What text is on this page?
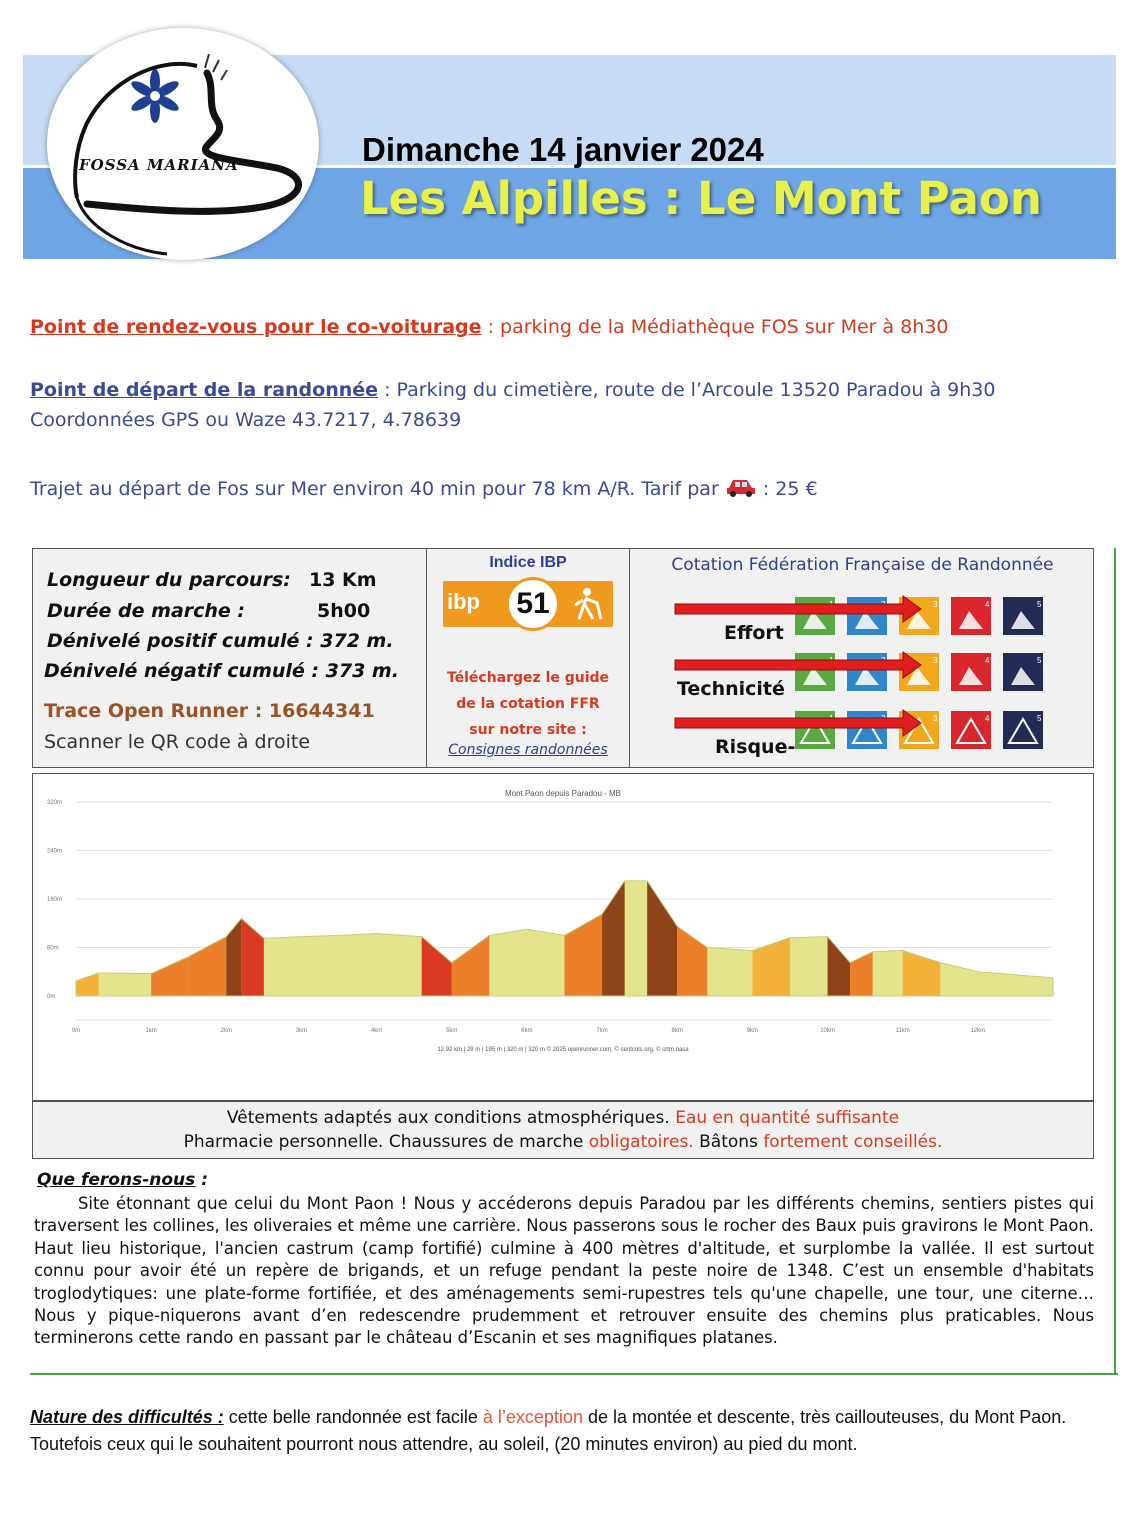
FOSSA MARIANA	Dimanche 14 janvier 2024
Les Alpilles : Le Mont Paon
Point de rendez-vous pour le co-voiturage : parking de la Médiathèque FOS sur Mer à 8h30
Point de départ de la randonnée : Parking du cimetière, route de l’Arcoule 13520 Paradou à 9h30
Coordonnées GPS ou Waze 43.7217, 4.78639
Trajet au départ de Fos sur Mer environ 40 min pour 78 km A/R. Tarif par  : 25 €
Longueur du parcours: 13 Km
Durée de marche :	5h00
Dénivelé positif cumulé : 372 m.
Dénivelé négatif cumulé : 373 m.
Trace Open Runner : 16644341
Scanner le QR code à droite
Indice IBP
ibp	51
Téléchargez le guide
de la cotation FFR
sur notre site :
Consignes randonnées
Cotation Fédération Française de Randonnée
Effort
Technicité
Risque-
3	4	5
3	4	5
3	4	5
Mont Paon depuis Paradou - MB
0m	1km	2km	3km	4km	5km	6km	7km	8km	9km	10km	11km	12km
0m
80m
160m
240m
320m
12.92 km | 29 m | 195 m | 320 m | 320 m © 2025 openrunner.com, © centcols.org, © srtm.nasa
Vêtements adaptés aux conditions atmosphériques. Eau en quantité suffisante
Pharmacie personnelle. Chaussures de marche obligatoires. Bâtons fortement conseillés.
Que ferons-nous :
Site étonnant que celui du Mont Paon ! Nous y accéderons depuis Paradou par les différents chemins, sentiers pistes qui traversent les collines, les oliveraies et même une carrière. Nous passerons sous le rocher des Baux puis gravirons le Mont Paon. Haut lieu historique, l'ancien castrum (camp fortifié) culmine à 400 mètres d'altitude, et surplombe la vallée. Il est surtout connu pour avoir été un repère de brigands, et un refuge pendant la peste noire de 1348. C’est un ensemble d'habitats troglodytiques: une plate-forme fortifiée, et des aménagements semi-rupestres tels qu'une chapelle, une tour, une citerne… Nous y pique-niquerons avant d’en redescendre prudemment et retrouver ensuite des chemins plus praticables. Nous terminerons cette rando en passant par le château d’Escanin et ses magnifiques platanes.
Nature des difficultés : cette belle randonnée est facile à l’exception de la montée et descente, très caillouteuses, du Mont Paon. Toutefois ceux qui le souhaitent pourront nous attendre, au soleil, (20 minutes environ) au pied du mont.
